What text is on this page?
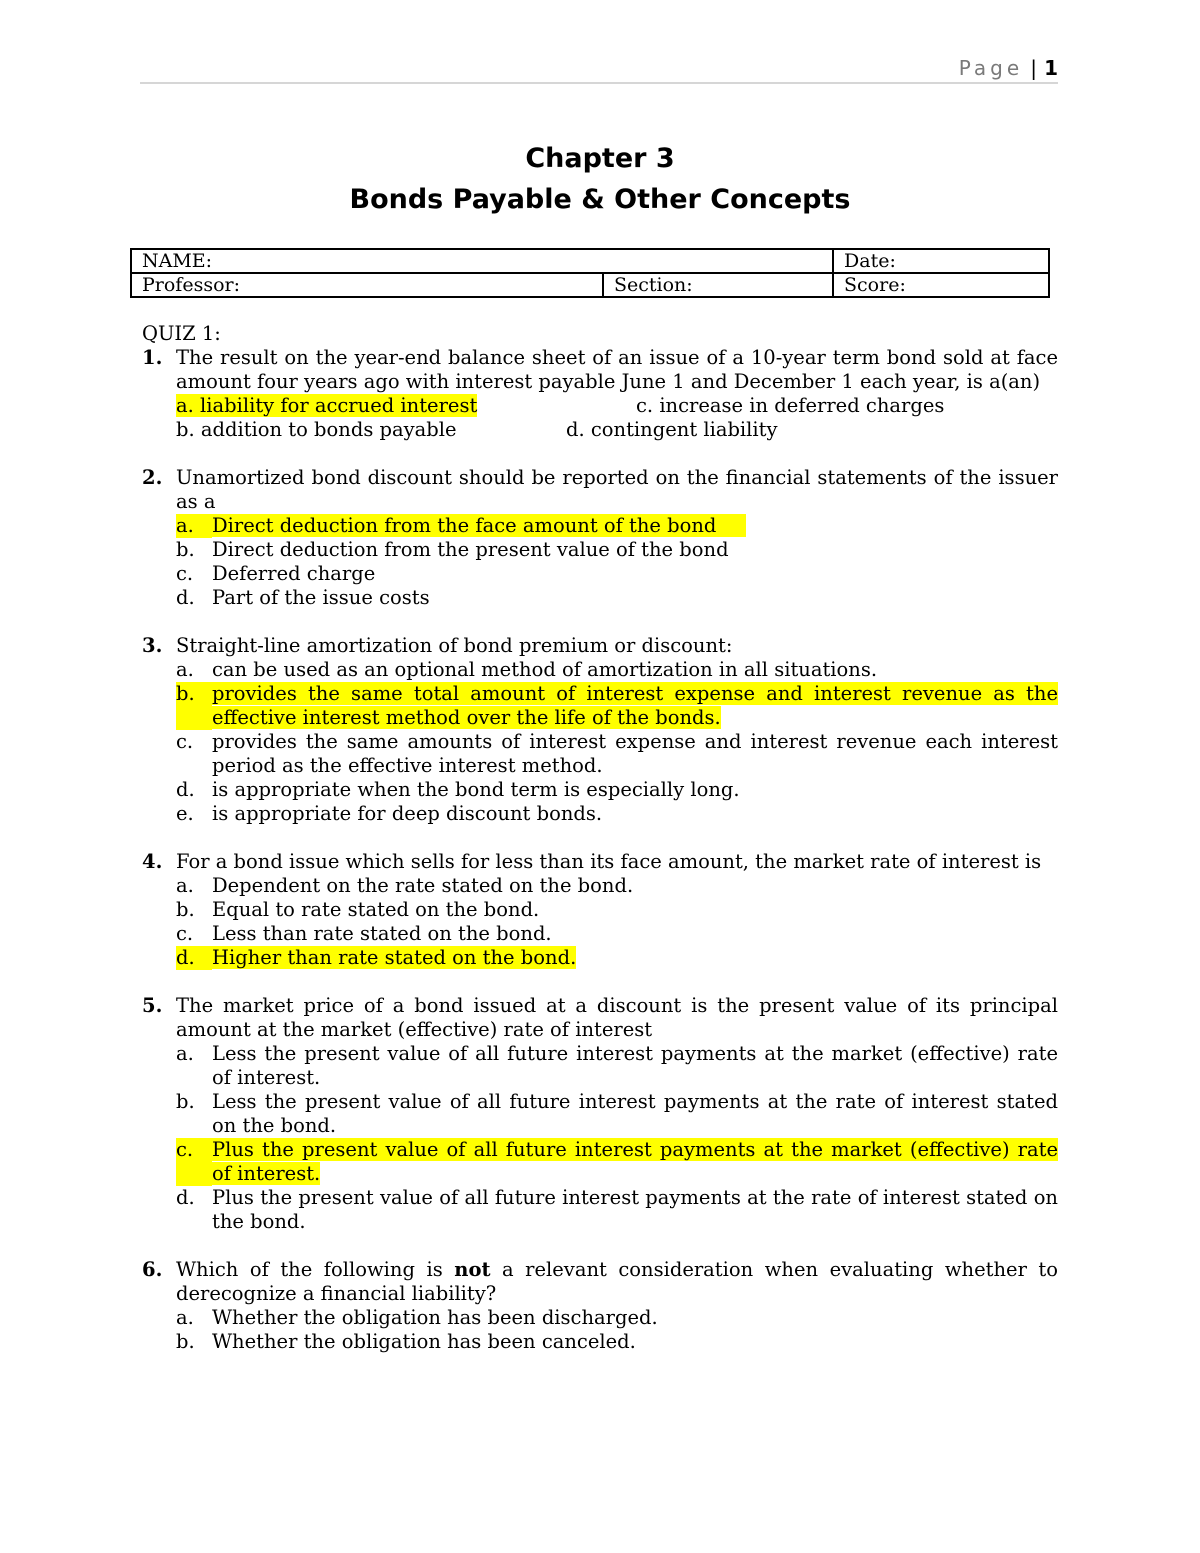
Page | 1
Chapter 3
Bonds Payable & Other Concepts
NAME:		Date:
Professor:	Section:	Score:
QUIZ 1:
1. The result on the year-end balance sheet of an issue of a 10-year term bond sold at face amount four years ago with interest payable June 1 and December 1 each year, is a(an)
a. liability for accrued interest	c. increase in deferred charges
b. addition to bonds payable	d. contingent liability
2. Unamortized bond discount should be reported on the financial statements of the issuer as a
a. Direct deduction from the face amount of the bond
b. Direct deduction from the present value of the bond
c. Deferred charge
d. Part of the issue costs
3. Straight-line amortization of bond premium or discount:
a. can be used as an optional method of amortization in all situations.
b. provides the same total amount of interest expense and interest revenue as the effective interest method over the life of the bonds.
c. provides the same amounts of interest expense and interest revenue each interest period as the effective interest method.
d. is appropriate when the bond term is especially long.
e. is appropriate for deep discount bonds.
4. For a bond issue which sells for less than its face amount, the market rate of interest is
a. Dependent on the rate stated on the bond.
b. Equal to rate stated on the bond.
c. Less than rate stated on the bond.
d. Higher than rate stated on the bond.
5. The market price of a bond issued at a discount is the present value of its principal amount at the market (effective) rate of interest
a. Less the present value of all future interest payments at the market (effective) rate of interest.
b. Less the present value of all future interest payments at the rate of interest stated on the bond.
c. Plus the present value of all future interest payments at the market (effective) rate of interest.
d. Plus the present value of all future interest payments at the rate of interest stated on the bond.
6. Which of the following is not a relevant consideration when evaluating whether to derecognize a financial liability?
a. Whether the obligation has been discharged.
b. Whether the obligation has been canceled.
